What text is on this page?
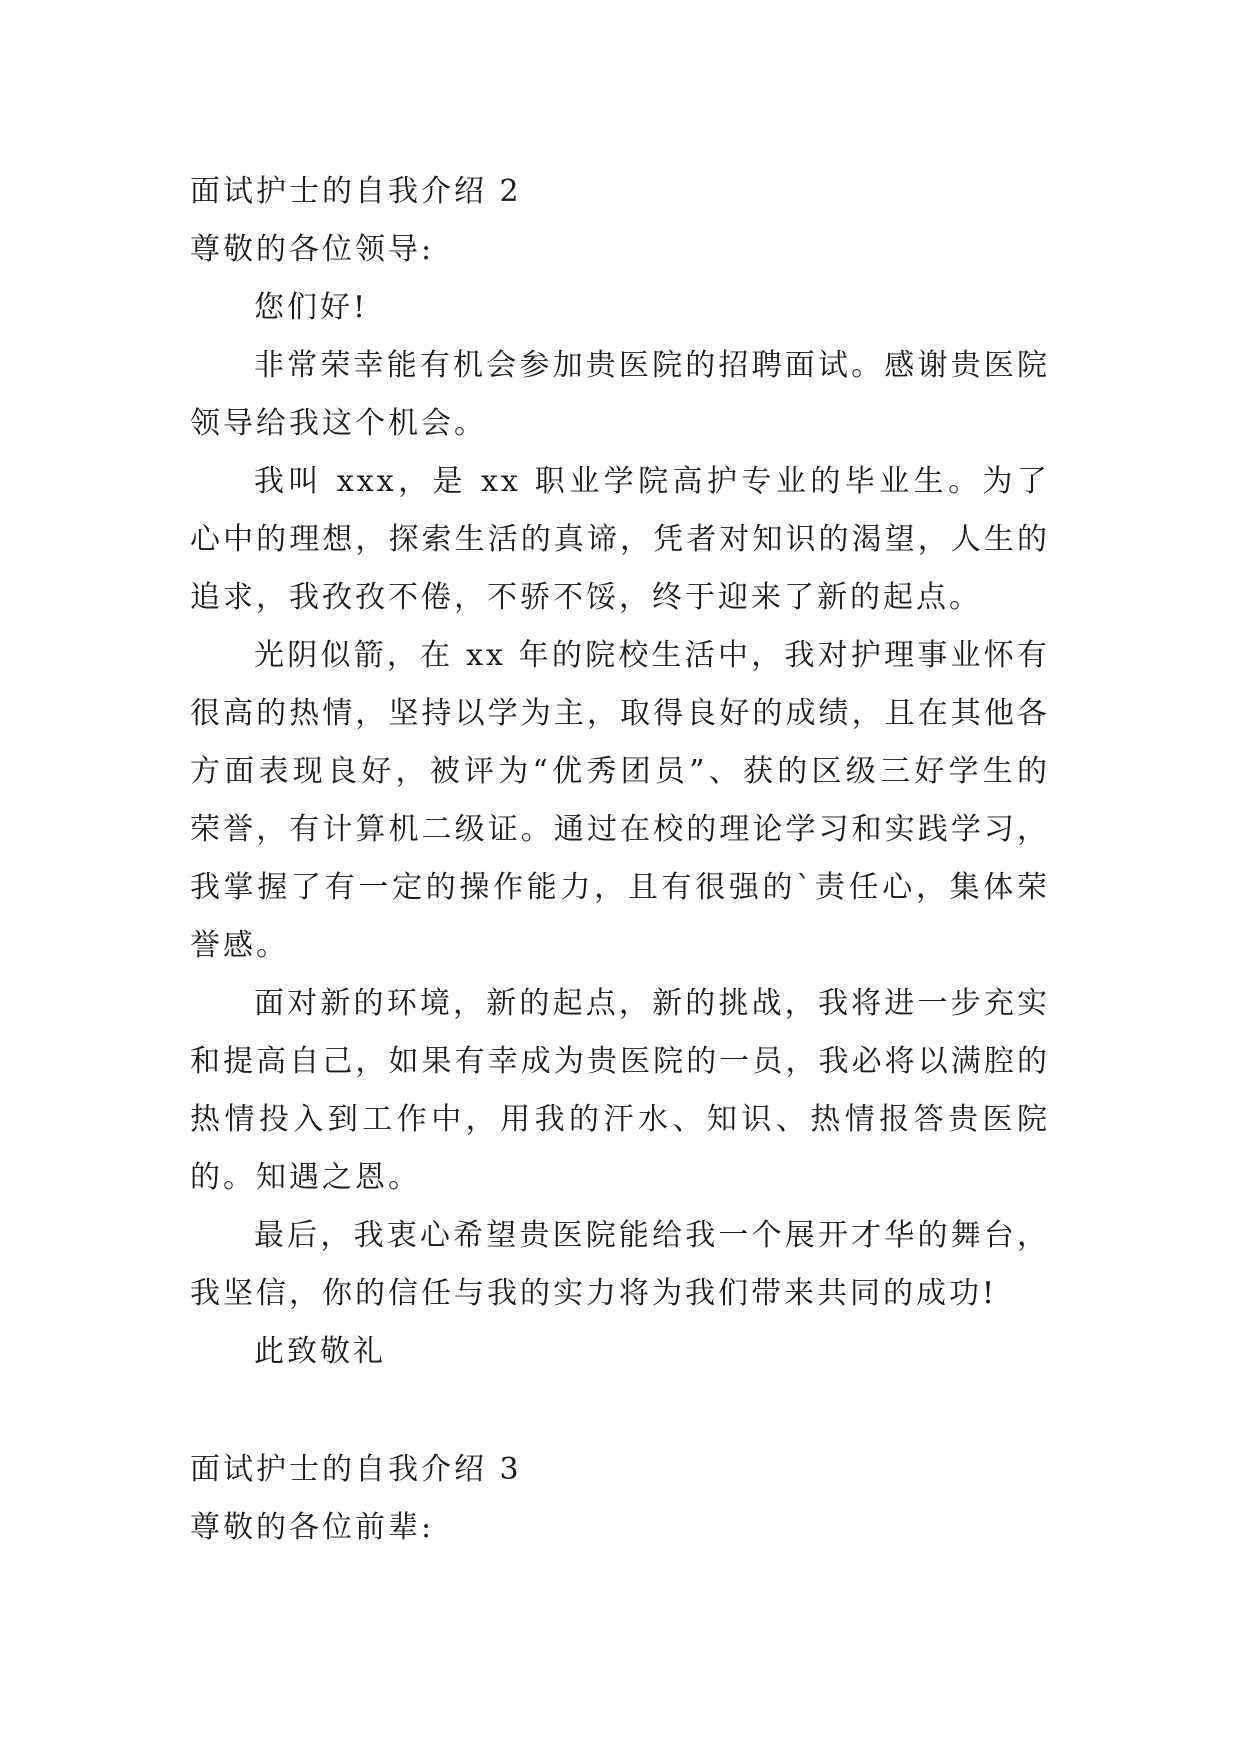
面试护士的自我介绍 2

尊敬的各位领导:

您们好!

非常荣幸能有机会参加贵医院的招聘面试。感谢贵医院领导给我这个机会。

我叫 xxx，是 xx 职业学院高护专业的毕业生。为了心中的理想，探索生活的真谛，凭者对知识的渴望，人生的追求，我孜孜不倦，不骄不馁，终于迎来了新的起点。

光阴似箭，在 xx 年的院校生活中，我对护理事业怀有很高的热情，坚持以学为主，取得良好的成绩，且在其他各方面表现良好，被评为“优秀团员”、获的区级三好学生的荣誉，有计算机二级证。通过在校的理论学习和实践学习，我掌握了有一定的操作能力，且有很强的`责任心，集体荣誉感。

面对新的环境，新的起点，新的挑战，我将进一步充实和提高自己，如果有幸成为贵医院的一员，我必将以满腔的热情投入到工作中，用我的汗水、知识、热情报答贵医院的。知遇之恩。

最后，我衷心希望贵医院能给我一个展开才华的舞台，我坚信，你的信任与我的实力将为我们带来共同的成功!

此致敬礼

面试护士的自我介绍 3

尊敬的各位前辈:
